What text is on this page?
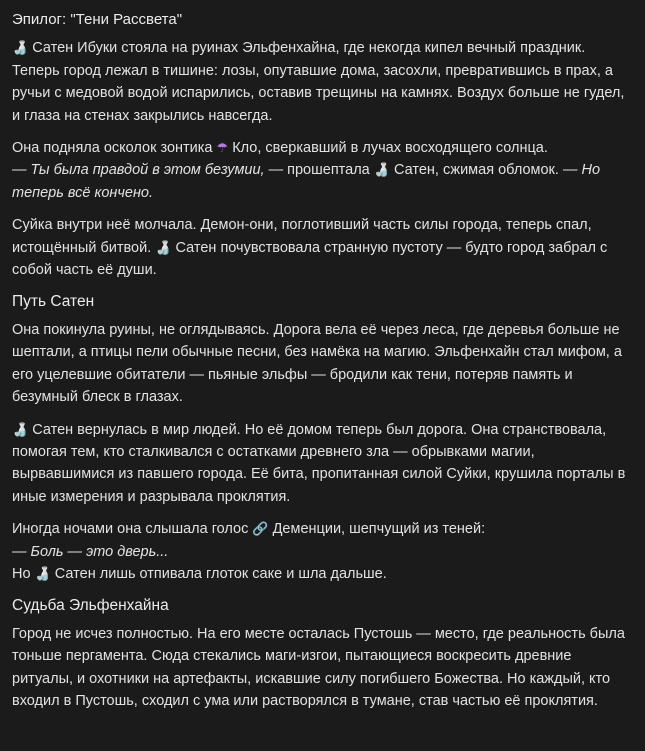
Эпилог: "Тени Рассвета"

🍶 Сатен Ибуки стояла на руинах Эльфенхайна, где некогда кипел вечный праздник. Теперь город лежал в тишине: лозы, опутавшие дома, засохли, превратившись в прах, а ручьи с медовой водой испарились, оставив трещины на камнях. Воздух больше не гудел, и глаза на стенах закрылись навсегда.

Она подняла осколок зонтика ☂ Кло, сверкавший в лучах восходящего солнца.
— Ты была правдой в этом безумии, — прошептала 🍶 Сатен, сжимая обломок. — Но теперь всё кончено.

Суйка внутри неё молчала. Демон-они, поглотивший часть силы города, теперь спал, истощённый битвой. 🍶 Сатен почувствовала странную пустоту — будто город забрал с собой часть её души.

Путь Сатен

Она покинула руины, не оглядываясь. Дорога вела её через леса, где деревья больше не шептали, а птицы пели обычные песни, без намёка на магию. Эльфенхайн стал мифом, а его уцелевшие обитатели — пьяные эльфы — бродили как тени, потеряв память и безумный блеск в глазах.

🍶 Сатен вернулась в мир людей. Но её домом теперь был дорога. Она странствовала, помогая тем, кто сталкивался с остатками древнего зла — обрывками магии, вырвавшимися из павшего города. Её бита, пропитанная силой Суйки, крушила порталы в иные измерения и разрывала проклятия.

Иногда ночами она слышала голос 🔗 Деменции, шепчущий из теней:
— Боль — это дверь...
Но 🍶 Сатен лишь отпивала глоток саке и шла дальше.

Судьба Эльфенхайна

Город не исчез полностью. На его месте осталась Пустошь — место, где реальность была тоньше пергамента. Сюда стекались маги-изгои, пытающиеся воскресить древние ритуалы, и охотники на артефакты, искавшие силу погибшего Божества. Но каждый, кто входил в Пустошь, сходил с ума или растворялся в тумане, став частью её проклятия.
